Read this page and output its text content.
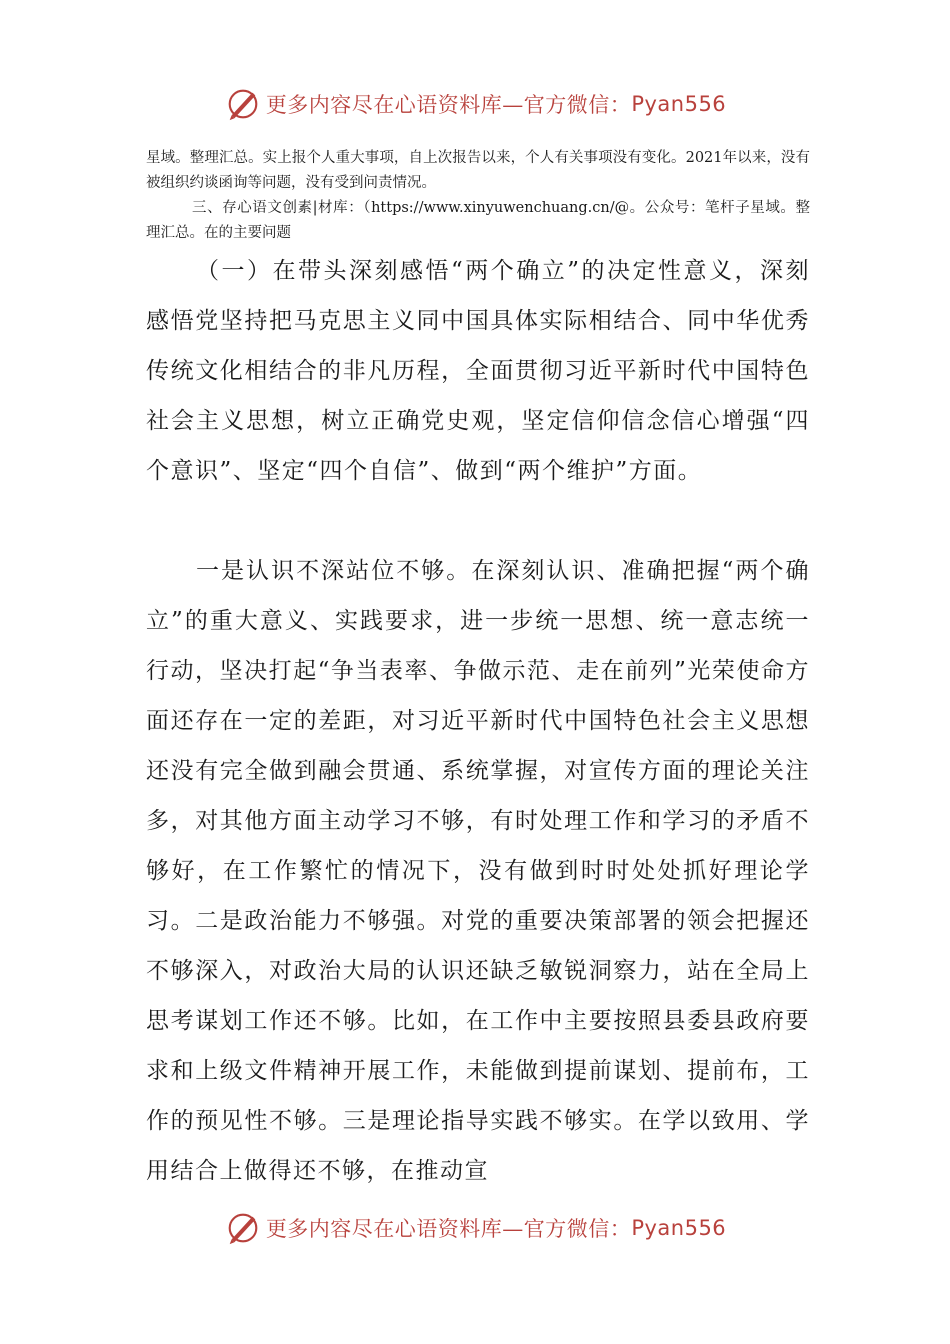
更多内容尽在心语资料库—官方微信： Pyan556
星域。整理汇总。实上报个人重大事项，自上次报告以来，个人有关事项没有变化。2021年以来，没有被组织约谈函询等问题，没有受到问责情况。
三、存心语文创素|材库：（https://www.xinyuwenchuang.cn/@。公众号：笔杆子星域。整理汇总。在的主要问题
（一）在带头深刻感悟“两个确立”的决定性意义，深刻感悟党坚持把马克思主义同中国具体实际相结合、同中华优秀传统文化相结合的非凡历程，全面贯彻习近平新时代中国特色社会主义思想，树立正确党史观，坚定信仰信念信心增强“四个意识”、坚定“四个自信”、做到“两个维护”方面。
一是认识不深站位不够。在深刻认识、准确把握“两个确立”的重大意义、实践要求，进一步统一思想、统一意志统一行动，坚决打起“争当表率、争做示范、走在前列”光荣使命方面还存在一定的差距，对习近平新时代中国特色社会主义思想还没有完全做到融会贯通、系统掌握，对宣传方面的理论关注多，对其他方面主动学习不够，有时处理工作和学习的矛盾不够好，在工作繁忙的情况下，没有做到时时处处抓好理论学习。二是政治能力不够强。对党的重要决策部署的领会把握还不够深入，对政治大局的认识还缺乏敏锐洞察力，站在全局上思考谋划工作还不够。比如，在工作中主要按照县委县政府要求和上级文件精神开展工作，未能做到提前谋划、提前布，工作的预见性不够。三是理论指导实践不够实。在学以致用、学用结合上做得还不够，在推动宣
更多内容尽在心语资料库—官方微信： Pyan556
